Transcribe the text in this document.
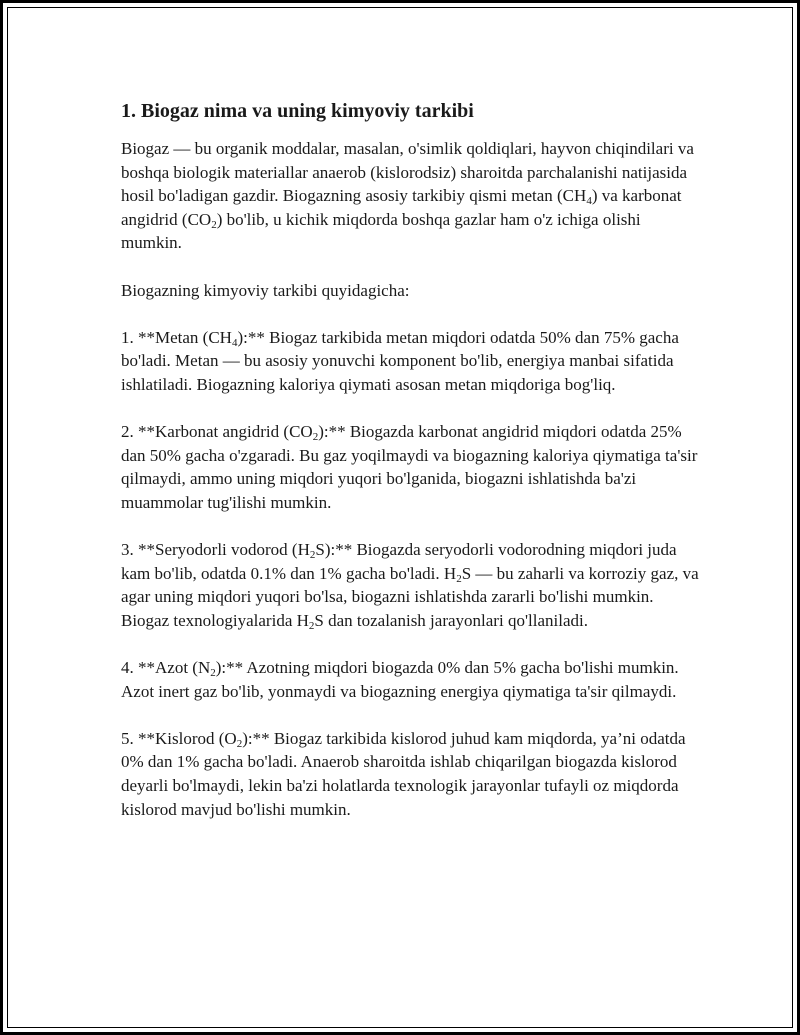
1. Biogaz nima va uning kimyoviy tarkibi

Biogaz — bu organik moddalar, masalan, o'simlik qoldiqlari, hayvon chiqindilari va boshqa biologik materiallar anaerob (kislorodsiz) sharoitda parchalanishi natijasida hosil bo'ladigan gazdir. Biogazning asosiy tarkibiy qismi metan $(CH_4)$ va karbonat angidrid $(CO_2)$ bo'lib, u kichik miqdorda boshqa gazlar ham o'z ichiga olishi mumkin.

Biogazning kimyoviy tarkibi quyidagicha:

1. **Metan $(CH_4):**$ Biogaz tarkibida metan miqdori odatda 50% dan 75% gacha bo'ladi. Metan — bu asosiy yonuvchi komponent bo'lib, energiya manbai sifatida ishlatiladi. Biogazning kaloriya qiymati asosan metan miqdoriga bog'liq.

2. **Karbonat angidrid $(CO_2):**$ Biogazda karbonat angidrid miqdori odatda 25% dan 50% gacha o'zgaradi. Bu gaz yoqilmaydi va biogazning kaloriya qiymatiga ta'sir qilmaydi, ammo uning miqdori yuqori bo'lganida, biogazni ishlatishda ba'zi muammolar tug'ilishi mumkin.

3. **Seryodorli vodorod $(H_2S):**$ Biogazda seryodorli vodorodning miqdori juda kam bo'lib, odatda 0.1% dan 1% gacha bo'ladi. $H_2S$ — bu zaharli va korroziy gaz, va agar uning miqdori yuqori bo'lsa, biogazni ishlatishda zararli bo'lishi mumkin. Biogaz texnologiyalarida $H_2S$ dan tozalanish jarayonlari qo'llaniladi.

4. **Azot $(N_2):**$ Azotning miqdori biogazda 0% dan 5% gacha bo'lishi mumkin. Azot inert gaz bo'lib, yonmaydi va biogazning energiya qiymatiga ta'sir qilmaydi.

5. **Kislorod $(O_2):**$ Biogaz tarkibida kislorod juhud kam miqdorda, ya’ni odatda 0% dan 1% gacha bo'ladi. Anaerob sharoitda ishlab chiqarilgan biogazda kislorod deyarli bo'lmaydi, lekin ba'zi holatlarda texnologik jarayonlar tufayli oz miqdorda kislorod mavjud bo'lishi mumkin.
